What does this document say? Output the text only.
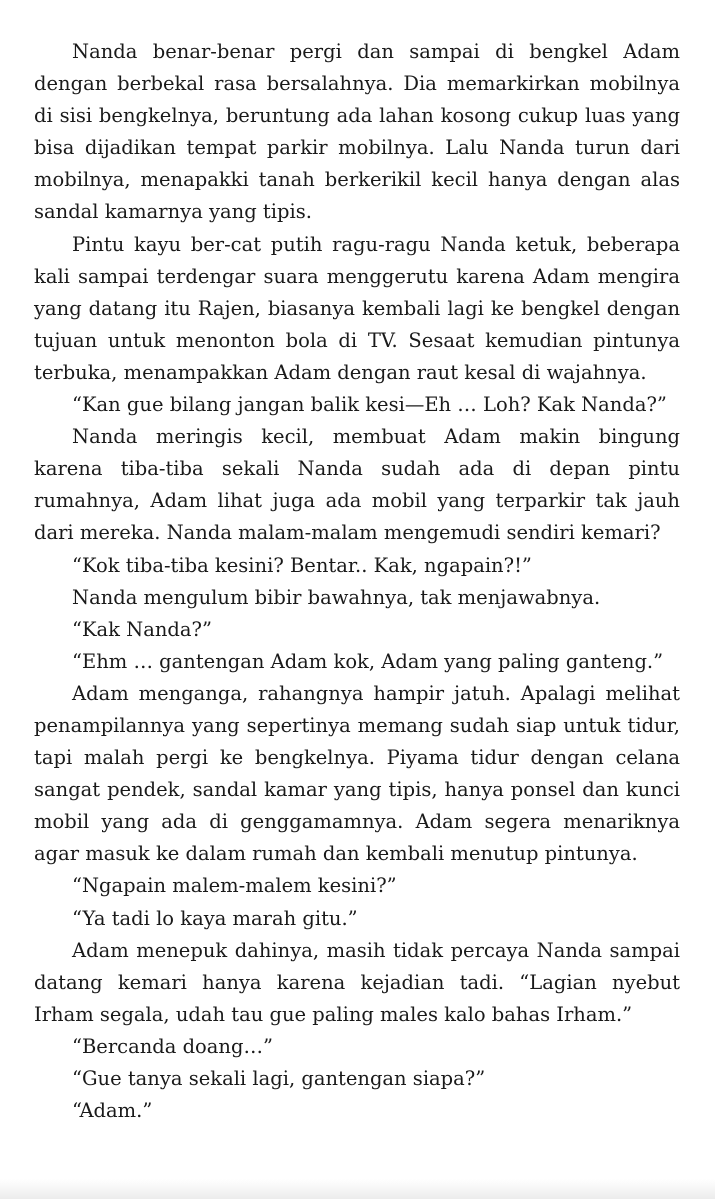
Nanda benar-benar pergi dan sampai di bengkel Adam dengan berbekal rasa bersalahnya. Dia memarkirkan mobilnya di sisi bengkelnya, beruntung ada lahan kosong cukup luas yang bisa dijadikan tempat parkir mobilnya. Lalu Nanda turun dari mobilnya, menapakki tanah berkerikil kecil hanya dengan alas sandal kamarnya yang tipis.

Pintu kayu ber-cat putih ragu-ragu Nanda ketuk, beberapa kali sampai terdengar suara menggerutu karena Adam mengira yang datang itu Rajen, biasanya kembali lagi ke bengkel dengan tujuan untuk menonton bola di TV. Sesaat kemudian pintunya terbuka, menampakkan Adam dengan raut kesal di wajahnya.

“Kan gue bilang jangan balik kesi—Eh … Loh? Kak Nanda?”

Nanda meringis kecil, membuat Adam makin bingung karena tiba-tiba sekali Nanda sudah ada di depan pintu rumahnya, Adam lihat juga ada mobil yang terparkir tak jauh dari mereka. Nanda malam-malam mengemudi sendiri kemari?

“Kok tiba-tiba kesini? Bentar.. Kak, ngapain?!”

Nanda mengulum bibir bawahnya, tak menjawabnya.

“Kak Nanda?”

“Ehm … gantengan Adam kok, Adam yang paling ganteng.”

Adam menganga, rahangnya hampir jatuh. Apalagi melihat penampilannya yang sepertinya memang sudah siap untuk tidur, tapi malah pergi ke bengkelnya. Piyama tidur dengan celana sangat pendek, sandal kamar yang tipis, hanya ponsel dan kunci mobil yang ada di genggamamnya. Adam segera menariknya agar masuk ke dalam rumah dan kembali menutup pintunya.

“Ngapain malem-malem kesini?”

“Ya tadi lo kaya marah gitu.”

Adam menepuk dahinya, masih tidak percaya Nanda sampai datang kemari hanya karena kejadian tadi. “Lagian nyebut Irham segala, udah tau gue paling males kalo bahas Irham.”

“Bercanda doang…”

“Gue tanya sekali lagi, gantengan siapa?”

“Adam.”
